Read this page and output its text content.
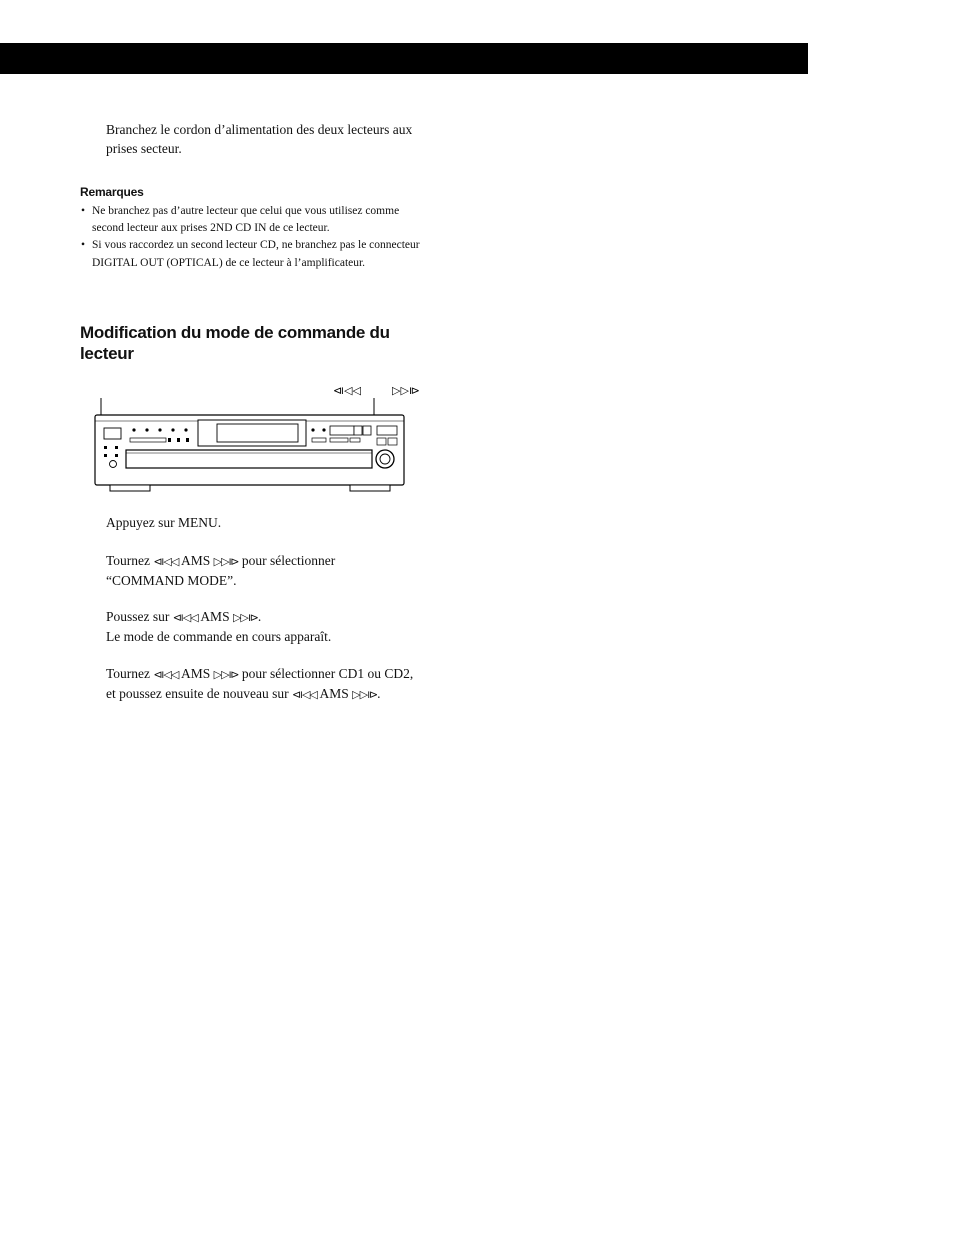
Branchez le cordon d’alimentation des deux lecteurs aux prises secteur.

Remarques
• Ne branchez pas d’autre lecteur que celui que vous utilisez comme second lecteur aux prises 2ND CD IN de ce lecteur.
• Si vous raccordez un second lecteur CD, ne branchez pas le connecteur DIGITAL OUT (OPTICAL) de ce lecteur à l’amplificateur.
Modification du mode de commande du lecteur
⧏◁◁	▷▷⧐

Appuyez sur MENU.

Tournez ⧏◁◁ AMS ▷▷⧐ pour sélectionner
“COMMAND MODE”.

Poussez sur ⧏◁◁ AMS ▷▷⧐.
Le mode de commande en cours apparaît.

Tournez ⧏◁◁ AMS ▷▷⧐ pour sélectionner CD1 ou CD2, et poussez ensuite de nouveau sur ⧏◁◁ AMS ▷▷⧐.
